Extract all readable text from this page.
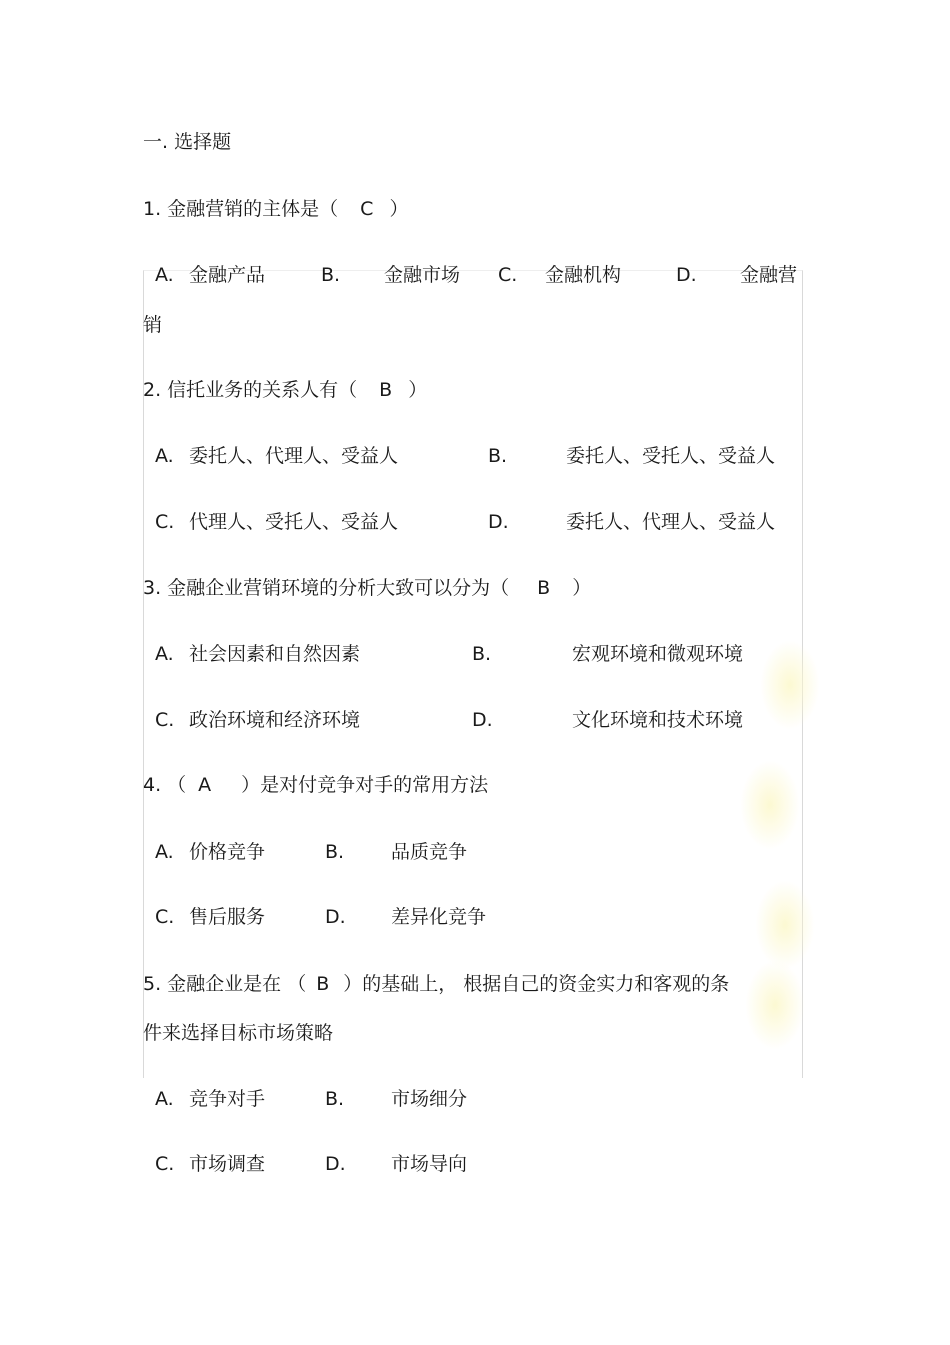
一. 选择题
1. 金融营销的主体是（ C ）
A. 金融产品	B. 金融市场 C. 金融机构	D. 金融营
销
2. 信托业务的关系人有（ B ）
A. 委托人、代理人、受益人	B.	委托人、受托人、受益人
C. 代理人、受托人、受益人	D.	委托人、代理人、受益人
3. 金融企业营销环境的分析大致可以分为（ B ）
A. 社会因素和自然因素	B.	宏观环境和微观环境
C. 政治环境和经济环境	D.	文化环境和技术环境
4. （ A ）是对付竞争对手的常用方法
A. 价格竞争	B. 品质竞争
C. 售后服务	D. 差异化竞争
5. 金融企业是在 （ B ）的基础上， 根据自己的资金实力和客观的条
件来选择目标市场策略
A. 竞争对手	B. 市场细分
C. 市场调查	D. 市场导向
